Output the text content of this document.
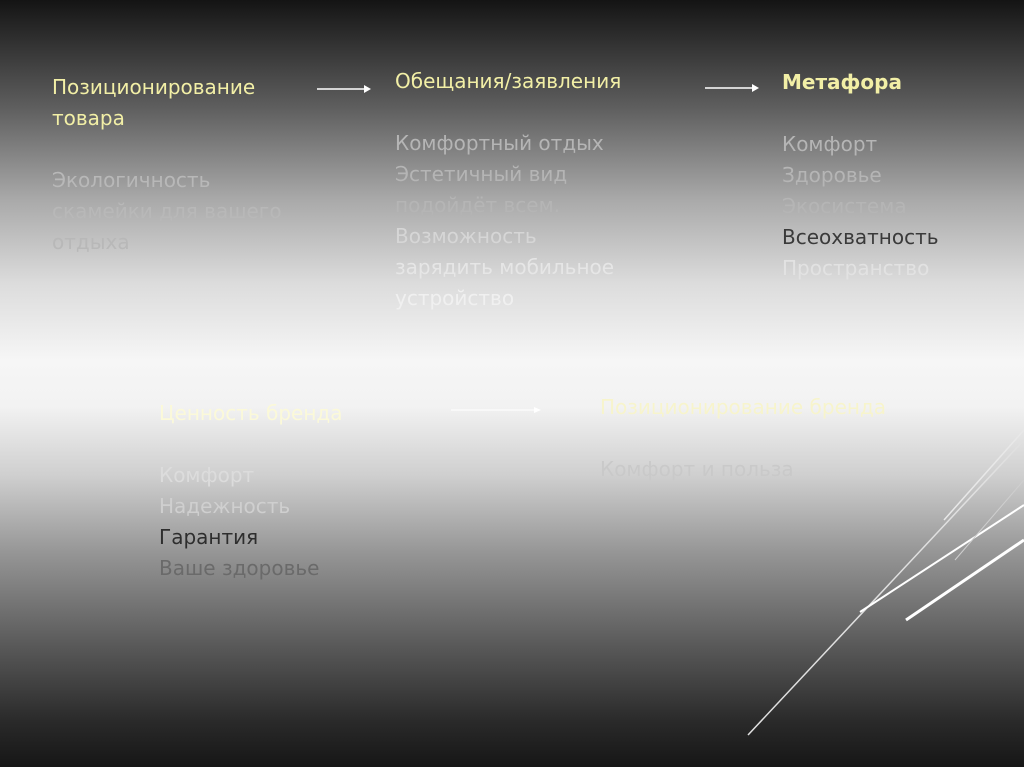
Позиционирование товара

Экологичность скамейки для вашего отдыха

Обещания/заявления
Комфортный отдых
Эстетичный вид
подойдёт всем.
Возможность
зарядить мобильное
устройство
Метафора
Комфорт
Здоровье
Экосистема
Всеохватность
Пространство
Ценность бренда
Комфорт
Надежность
Гарантия
Ваше здоровье
Позиционирование бренда

Комфорт и польза
